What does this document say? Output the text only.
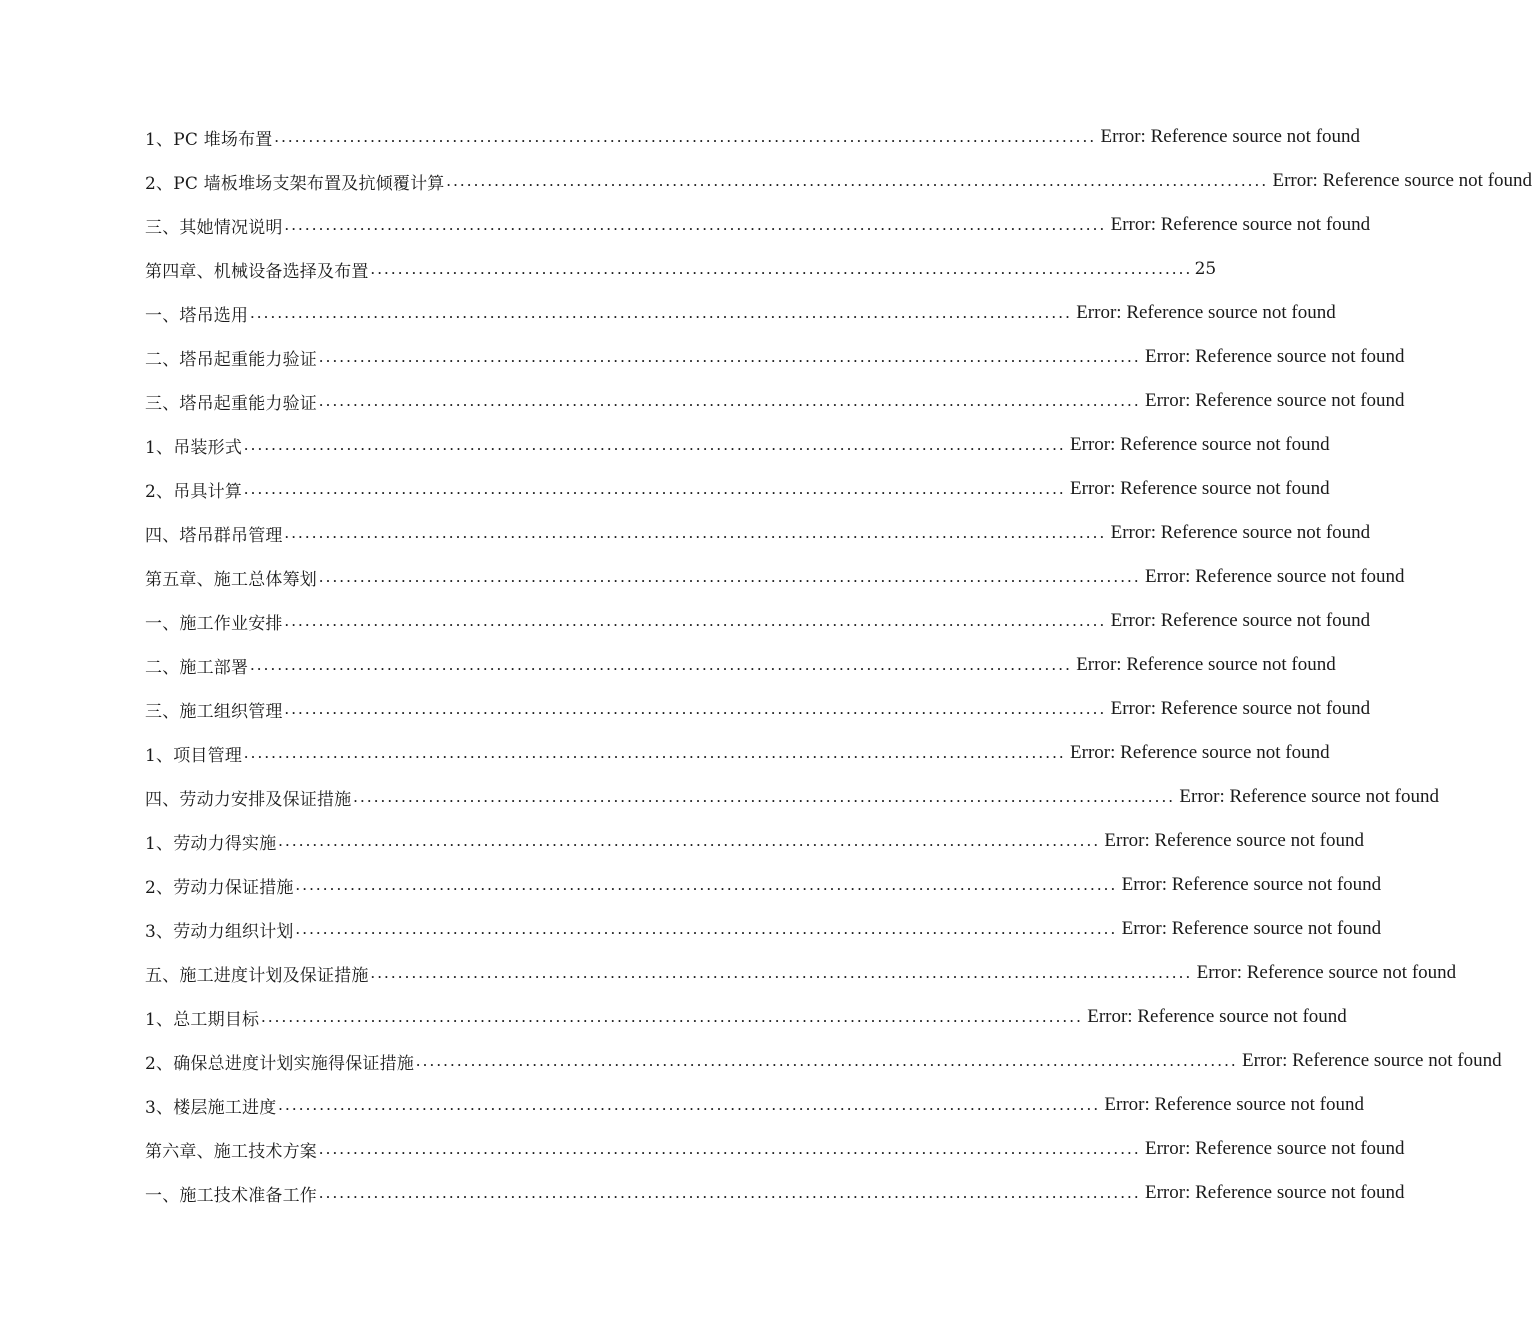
1、PC 堆场布置 ........................................................................................................................ Error: Reference source not found
2、PC 墙板堆场支架布置及抗倾覆计算 ........................................................................................................................ Error: Reference source not found
三、其她情况说明 ........................................................................................................................ Error: Reference source not found
第四章、机械设备选择及布置 ........................................................................................................................ 25
一、塔吊选用 ........................................................................................................................ Error: Reference source not found
二、塔吊起重能力验证 ........................................................................................................................ Error: Reference source not found
三、塔吊起重能力验证 ........................................................................................................................ Error: Reference source not found
1、吊装形式 ........................................................................................................................ Error: Reference source not found
2、吊具计算 ........................................................................................................................ Error: Reference source not found
四、塔吊群吊管理 ........................................................................................................................ Error: Reference source not found
第五章、施工总体筹划 ........................................................................................................................ Error: Reference source not found
一、施工作业安排 ........................................................................................................................ Error: Reference source not found
二、施工部署 ........................................................................................................................ Error: Reference source not found
三、施工组织管理 ........................................................................................................................ Error: Reference source not found
1、项目管理 ........................................................................................................................ Error: Reference source not found
四、劳动力安排及保证措施 ........................................................................................................................ Error: Reference source not found
1、劳动力得实施 ........................................................................................................................ Error: Reference source not found
2、劳动力保证措施 ........................................................................................................................ Error: Reference source not found
3、劳动力组织计划 ........................................................................................................................ Error: Reference source not found
五、施工进度计划及保证措施 ........................................................................................................................ Error: Reference source not found
1、总工期目标 ........................................................................................................................ Error: Reference source not found
2、确保总进度计划实施得保证措施 ........................................................................................................................ Error: Reference source not found
3、楼层施工进度 ........................................................................................................................ Error: Reference source not found
第六章、施工技术方案 ........................................................................................................................ Error: Reference source not found
一、施工技术准备工作 ........................................................................................................................ Error: Reference source not found
